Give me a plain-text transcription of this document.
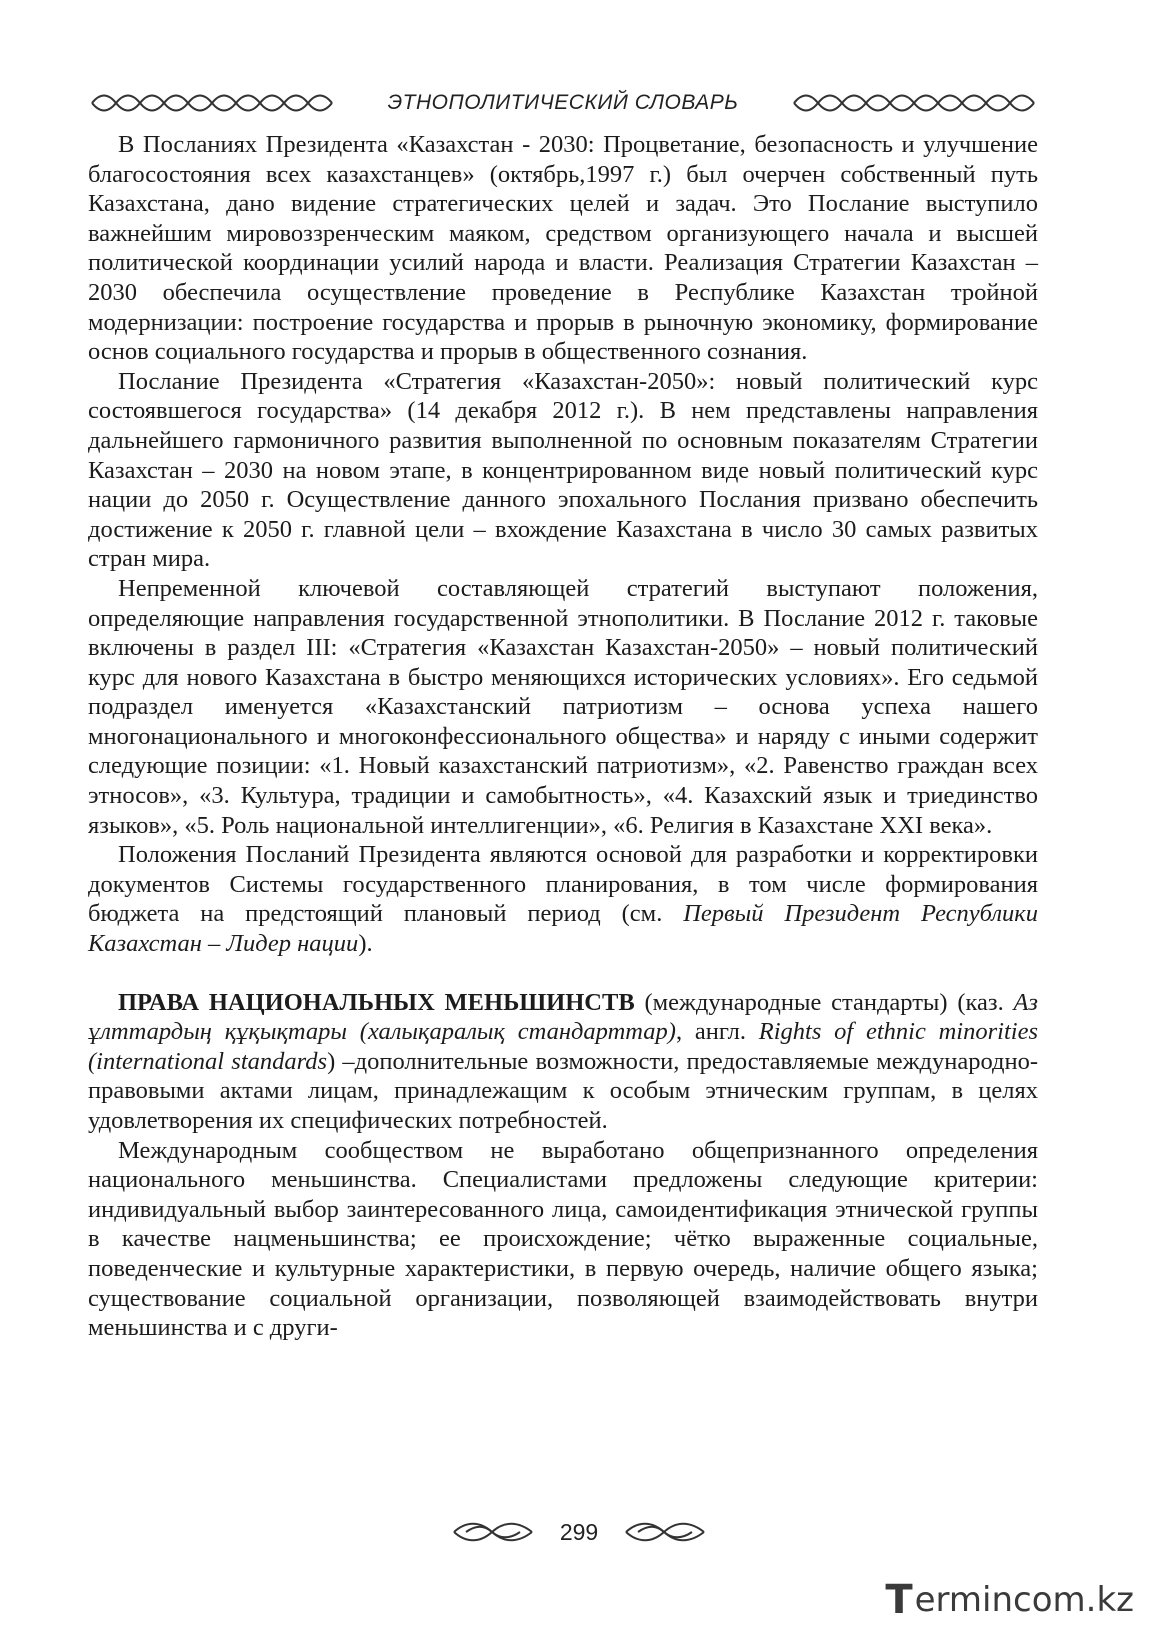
ЭТНОПОЛИТИЧЕСКИЙ СЛОВАРЬ

В Посланиях Президента «Казахстан - 2030: Процветание, безопасность и улучшение благосостояния всех казахстанцев» (октябрь,1997 г.) был очерчен собственный путь Казахстана, дано видение стратегических целей и задач. Это Послание выступило важнейшим мировоззренческим маяком, средством организующего начала и высшей политической координации усилий народа и власти. Реализация Стратегии Казахстан – 2030 обеспечила осуществление проведение в Республике Казахстан тройной модернизации: построение государства и прорыв в рыночную экономику, формирование основ социального государства и прорыв в общественного сознания.

Послание Президента «Стратегия «Казахстан-2050»: новый политический курс состоявшегося государства» (14 декабря 2012 г.). В нем представлены направления дальнейшего гармоничного развития выполненной по основным показателям Стратегии Казахстан – 2030 на новом этапе, в концентрированном виде новый политический курс нации до 2050 г. Осуществление данного эпохального Послания призвано обеспечить достижение к 2050 г. главной цели – вхождение Казахстана в число 30 самых развитых стран мира.

Непременной ключевой составляющей стратегий выступают положения, определяющие направления государственной этнополитики. В Послание 2012 г. таковые включены в раздел III: «Стратегия «Казахстан Казахстан-2050» – новый политический курс для нового Казахстана в быстро меняющихся исторических условиях». Его седьмой подраздел именуется «Казахстанский патриотизм – основа успеха нашего многонационального и многоконфессионального общества» и наряду с иными содержит следующие позиции: «1. Новый казахстанский патриотизм», «2. Равенство граждан всех этносов», «3. Культура, традиции и самобытность», «4. Казахский язык и триединство языков», «5. Роль национальной интеллигенции», «6. Религия в Казахстане XXI века».

Положения Посланий Президента являются основой для разработки и корректировки документов Системы государственного планирования, в том числе формирования бюджета на предстоящий плановый период (см. Первый Президент Республики Казахстан – Лидер нации).

ПРАВА НАЦИОНАЛЬНЫХ МЕНЬШИНСТВ (международные стандарты) (каз. Аз ұлттардың құқықтары (халықаралық стандарттар), англ. Rights of ethnic minorities (international standards) –дополнительные возможности, предоставляемые международно-правовыми актами лицам, принадлежащим к особым этническим группам, в целях удовлетворения их специфических потребностей.

Международным сообществом не выработано общепризнанного определения национального меньшинства. Специалистами предложены следующие критерии: индивидуальный выбор заинтересованного лица, самоидентификация этнической группы в качестве нацменьшинства; ее происхождение; чётко выраженные социальные, поведенческие и культурные характеристики, в первую очередь, наличие общего языка; существование социальной организации, позволяющей взаимодействовать внутри меньшинства и с други-

299
T ermincom.kz
